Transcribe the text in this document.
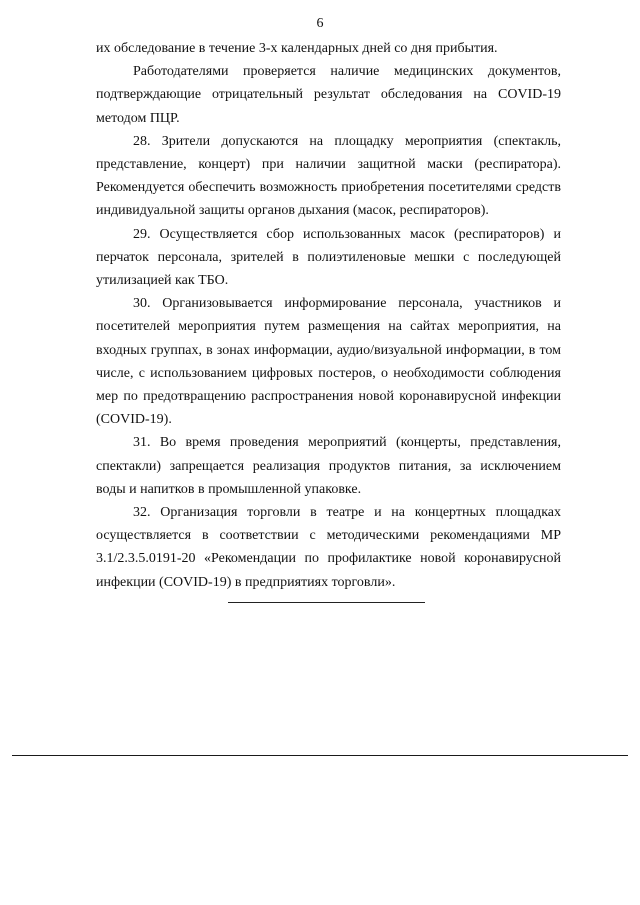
6

их обследование в течение 3-х календарных дней со дня прибытия.

Работодателями проверяется наличие медицинских документов, подтверждающие отрицательный результат обследования на COVID-19 методом ПЦР.

28. Зрители допускаются на площадку мероприятия (спектакль, представление, концерт) при наличии защитной маски (респиратора). Рекомендуется обеспечить возможность приобретения посетителями средств индивидуальной защиты органов дыхания (масок, респираторов).

29. Осуществляется сбор использованных масок (респираторов) и перчаток персонала, зрителей в полиэтиленовые мешки с последующей утилизацией как ТБО.

30. Организовывается информирование персонала, участников и посетителей мероприятия путем размещения на сайтах мероприятия, на входных группах, в зонах информации, аудио/визуальной информации, в том числе, с использованием цифровых постеров, о необходимости соблюдения мер по предотвращению распространения новой коронавирусной инфекции (COVID-19).

31. Во время проведения мероприятий (концерты, представления, спектакли) запрещается реализация продуктов питания, за исключением воды и напитков в промышленной упаковке.

32. Организация торговли в театре и на концертных площадках осуществляется в соответствии с методическими рекомендациями МР 3.1/2.3.5.0191-20 «Рекомендации по профилактике новой коронавирусной инфекции (COVID-19) в предприятиях торговли».
